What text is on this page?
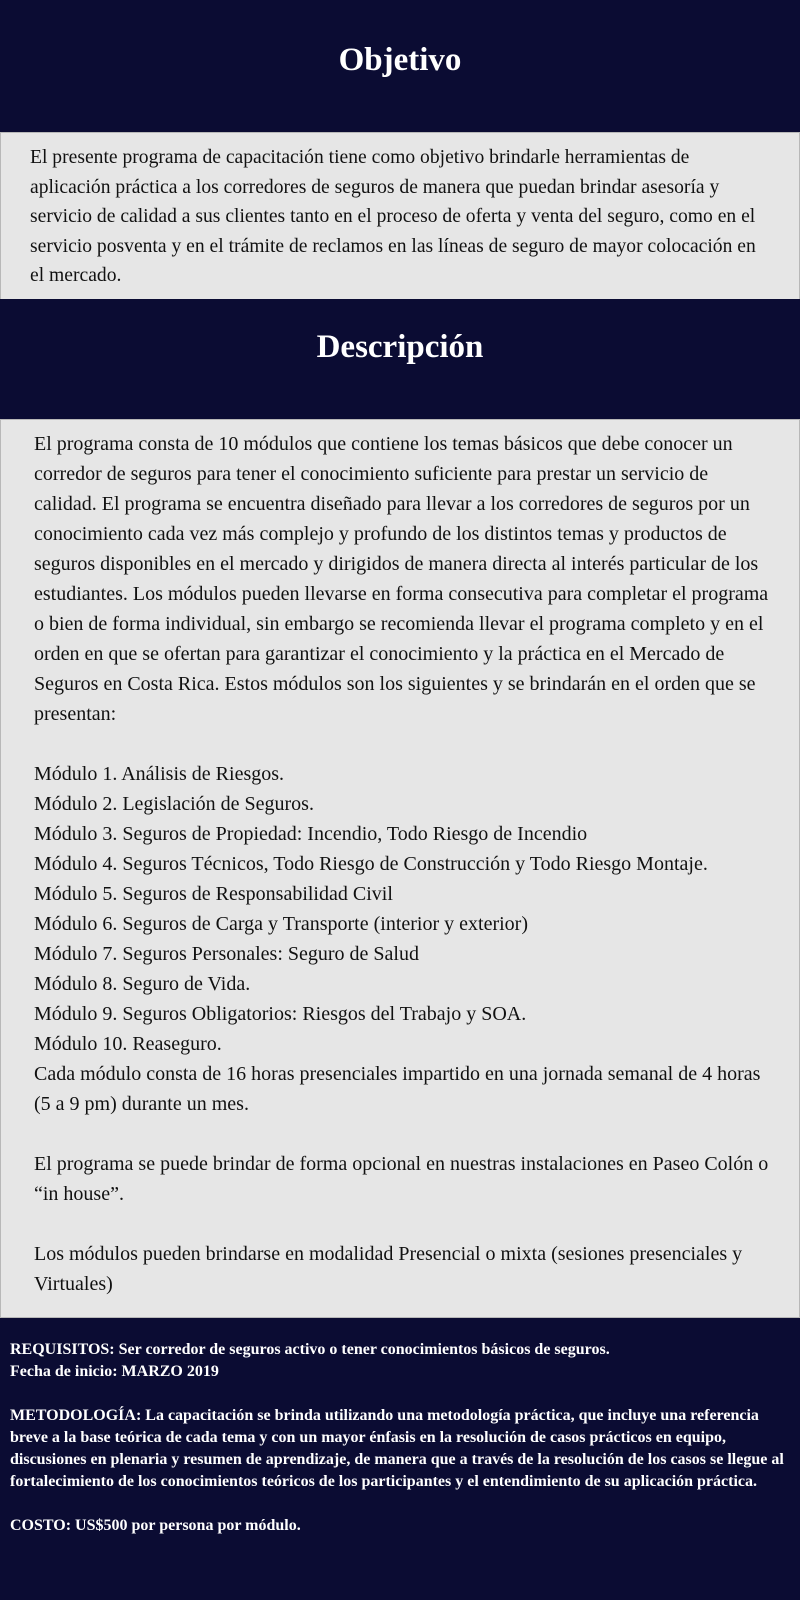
Objetivo

El presente programa de capacitación tiene como objetivo brindarle herramientas de aplicación práctica a los corredores de seguros de manera que puedan brindar asesoría y servicio de calidad a sus clientes tanto en el proceso de oferta y venta del seguro, como en el servicio posventa y en el trámite de reclamos en las líneas de seguro de mayor colocación en el mercado.

Descripción

El programa consta de 10 módulos que contiene los temas básicos que debe conocer un corredor de seguros para tener el conocimiento suficiente para prestar un servicio de calidad. El programa se encuentra diseñado para llevar a los corredores de seguros por un conocimiento cada vez más complejo y profundo de los distintos temas y productos de seguros disponibles en el mercado y dirigidos de manera directa al interés particular de los estudiantes. Los módulos pueden llevarse en forma consecutiva para completar el programa o bien de forma individual, sin embargo se recomienda llevar el programa completo y en el orden en que se ofertan para garantizar el conocimiento y la práctica en el Mercado de Seguros en Costa Rica. Estos módulos son los siguientes y se brindarán en el orden que se presentan:

Módulo 1. Análisis de Riesgos.
Módulo 2. Legislación de Seguros.
Módulo 3. Seguros de Propiedad: Incendio, Todo Riesgo de Incendio
Módulo 4. Seguros Técnicos, Todo Riesgo de Construcción y Todo Riesgo Montaje.
Módulo 5. Seguros de Responsabilidad Civil
Módulo 6. Seguros de Carga y Transporte (interior y exterior)
Módulo 7. Seguros Personales: Seguro de Salud
Módulo 8. Seguro de Vida.
Módulo 9. Seguros Obligatorios: Riesgos del Trabajo y SOA.
Módulo 10. Reaseguro.

Cada módulo consta de 16 horas presenciales impartido en una jornada semanal de 4 horas (5 a 9 pm) durante un mes.

El programa se puede brindar de forma opcional en nuestras instalaciones en Paseo Colón o “in house”.

Los módulos pueden brindarse en modalidad Presencial o mixta (sesiones presenciales y Virtuales)

REQUISITOS: Ser corredor de seguros activo o tener conocimientos básicos de seguros.

Fecha de inicio: MARZO 2019

METODOLOGÍA: La capacitación se brinda utilizando una metodología práctica, que incluye una referencia breve a la base teórica de cada tema y con un mayor énfasis en la resolución de casos prácticos en equipo, discusiones en plenaria y resumen de aprendizaje, de manera que a través de la resolución de los casos se llegue al fortalecimiento de los conocimientos teóricos de los participantes y el entendimiento de su aplicación práctica.

COSTO: US$500 por persona por módulo.
